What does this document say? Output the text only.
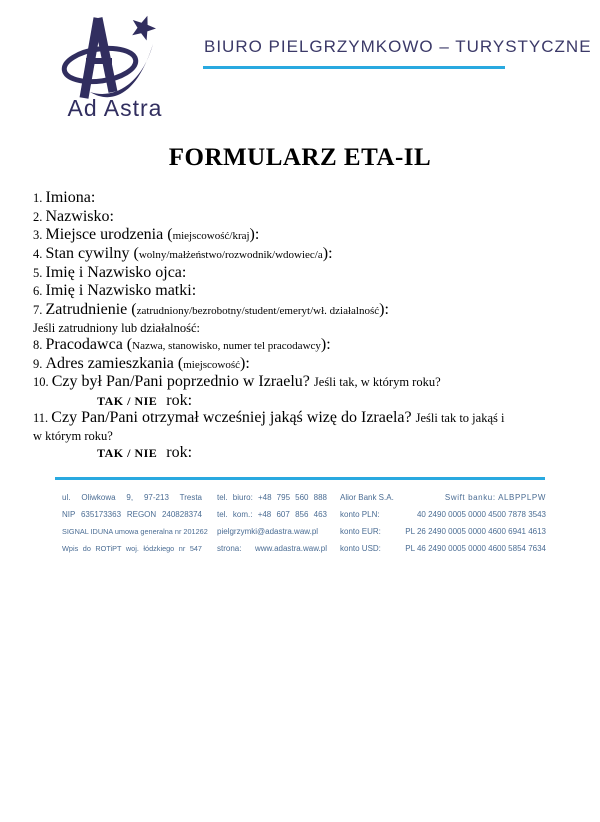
Ad Astra
BIURO PIELGRZYMKOWO – TURYSTYCZNE
FORMULARZ ETA-IL
1. Imiona:
2. Nazwisko:
3. Miejsce urodzenia (miejscowość/kraj):
4. Stan cywilny (wolny/małżeństwo/rozwodnik/wdowiec/a):
5. Imię i Nazwisko ojca:
6. Imię i Nazwisko matki:
7. Zatrudnienie (zatrudniony/bezrobotny/student/emeryt/wł. działalność):
Jeśli zatrudniony lub działalność:
8. Pracodawca (Nazwa, stanowisko, numer tel pracodawcy):
9. Adres zamieszkania (miejscowość):
10. Czy był Pan/Pani poprzednio w Izraelu? Jeśli tak, w którym roku?
TAK / NIE rok:
11. Czy Pan/Pani otrzymał wcześniej jakąś wizę do Izraela? Jeśli tak to jakąś i
w którym roku?
TAK / NIE rok:
ul. Oliwkowa 9, 97-213 Tresta
NIP 635173363 REGON 240828374
SIGNAL IDUNA umowa generalna nr 201262
Wpis do ROTiPT woj. łódzkiego nr 547
tel. biuro: +48 795 560 888
tel. kom.: +48 607 856 463
pielgrzymki@adastra.waw.pl
strona: www.adastra.waw.pl
Alior Bank S.A.	Swift banku: ALBPPLPW
konto PLN:	40 2490 0005 0000 4500 7878 3543
konto EUR:	PL 26 2490 0005 0000 4600 6941 4613
konto USD:	PL 46 2490 0005 0000 4600 5854 7634
